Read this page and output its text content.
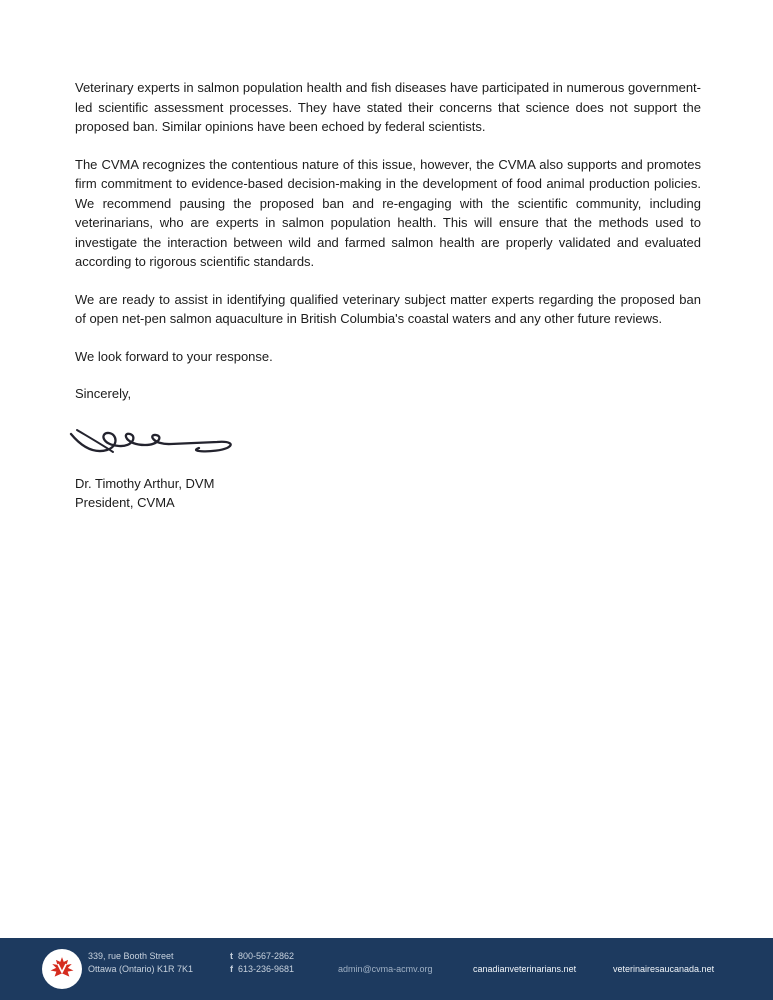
Veterinary experts in salmon population health and fish diseases have participated in numerous government-led scientific assessment processes. They have stated their concerns that science does not support the proposed ban. Similar opinions have been echoed by federal scientists.

The CVMA recognizes the contentious nature of this issue, however, the CVMA also supports and promotes firm commitment to evidence-based decision-making in the development of food animal production policies. We recommend pausing the proposed ban and re-engaging with the scientific community, including veterinarians, who are experts in salmon population health. This will ensure that the methods used to investigate the interaction between wild and farmed salmon health are properly validated and evaluated according to rigorous scientific standards.

We are ready to assist in identifying qualified veterinary subject matter experts regarding the proposed ban of open net-pen salmon aquaculture in British Columbia's coastal waters and any other future reviews.

We look forward to your response.

Sincerely,

Dr. Timothy Arthur, DVM
President, CVMA
339, rue Booth Street
Ottawa (Ontario) K1R 7K1
t 800-567-2862
f 613-236-9681	admin@cvma-acmv.org	canadianveterinarians.net	veterinairesaucanada.net
